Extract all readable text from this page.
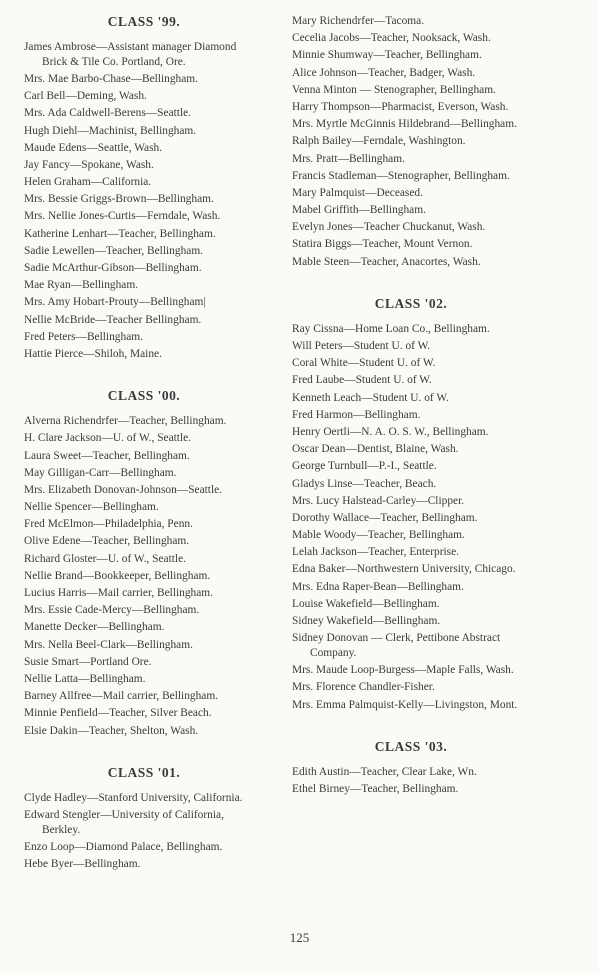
CLASS '99.
James Ambrose—Assistant manager Diamond Brick & Tile Co. Portland, Ore.
Mrs. Mae Barbo-Chase—Bellingham.
Carl Bell—Deming, Wash.
Mrs. Ada Caldwell-Berens—Seattle.
Hugh Diehl—Machinist, Bellingham.
Maude Edens—Seattle, Wash.
Jay Fancy—Spokane, Wash.
Helen Graham—California.
Mrs. Bessie Griggs-Brown—Bellingham.
Mrs. Nellie Jones-Curtis—Ferndale, Wash.
Katherine Lenhart—Teacher, Bellingham.
Sadie Lewellen—Teacher, Bellingham.
Sadie McArthur-Gibson—Bellingham.
Mae Ryan—Bellingham.
Mrs. Amy Hobart-Prouty—Bellingham|
Nellie McBride—Teacher Bellingham.
Fred Peters—Bellingham.
Hattie Pierce—Shiloh, Maine.
CLASS '00.
Alverna Richendrfer—Teacher, Bellingham.
H. Clare Jackson—U. of W., Seattle.
Laura Sweet—Teacher, Bellingham.
May Gilligan-Carr—Bellingham.
Mrs. Elizabeth Donovan-Johnson—Seattle.
Nellie Spencer—Bellingham.
Fred McElmon—Philadelphia, Penn.
Olive Edene—Teacher, Bellingham.
Richard Gloster—U. of W., Seattle.
Nellie Brand—Bookkeeper, Bellingham.
Lucius Harris—Mail carrier, Bellingham.
Mrs. Essie Cade-Mercy—Bellingham.
Manette Decker—Bellingham.
Mrs. Nella Beel-Clark—Bellingham.
Susie Smart—Portland Ore.
Nellie Latta—Bellingham.
Barney Allfree—Mail carrier, Bellingham.
Minnie Penfield—Teacher, Silver Beach.
Elsie Dakin—Teacher, Shelton, Wash.
CLASS '01.
Clyde Hadley—Stanford University, California.
Edward Stengler—University of California, Berkley.
Enzo Loop—Diamond Palace, Bellingham.
Hebe Byer—Bellingham.
Mary Richendrfer—Tacoma.
Cecelia Jacobs—Teacher, Nooksack, Wash.
Minnie Shumway—Teacher, Bellingham.
Alice Johnson—Teacher, Badger, Wash.
Venna Minton — Stenographer, Bellingham.
Harry Thompson—Pharmacist, Everson, Wash.
Mrs. Myrtle McGinnis Hildebrand—Bellingham.
Ralph Bailey—Ferndale, Washington.
Mrs. Pratt—Bellingham.
Francis Stadleman—Stenographer, Bellingham.
Mary Palmquist—Deceased.
Mabel Griffith—Bellingham.
Evelyn Jones—Teacher Chuckanut, Wash.
Statira Biggs—Teacher, Mount Vernon.
Mable Steen—Teacher, Anacortes, Wash.
CLASS '02.
Ray Cissna—Home Loan Co., Bellingham.
Will Peters—Student U. of W.
Coral White—Student U. of W.
Fred Laube—Student U. of W.
Kenneth Leach—Student U. of W.
Fred Harmon—Bellingham.
Henry Oertli—N. A. O. S. W., Bellingham.
Oscar Dean—Dentist, Blaine, Wash.
George Turnbull—P.-I., Seattle.
Gladys Linse—Teacher, Beach.
Mrs. Lucy Halstead-Carley—Clipper.
Dorothy Wallace—Teacher, Bellingham.
Mable Woody—Teacher, Bellingham.
Lelah Jackson—Teacher, Enterprise.
Edna Baker—Northwestern University, Chicago.
Mrs. Edna Raper-Bean—Bellingham.
Louise Wakefield—Bellingham.
Sidney Wakefield—Bellingham.
Sidney Donovan — Clerk, Pettibone Abstract Company.
Mrs. Maude Loop-Burgess—Maple Falls, Wash.
Mrs. Florence Chandler-Fisher.
Mrs. Emma Palmquist-Kelly—Livingston, Mont.
CLASS '03.
Edith Austin—Teacher, Clear Lake, Wn.
Ethel Birney—Teacher, Bellingham.
125
